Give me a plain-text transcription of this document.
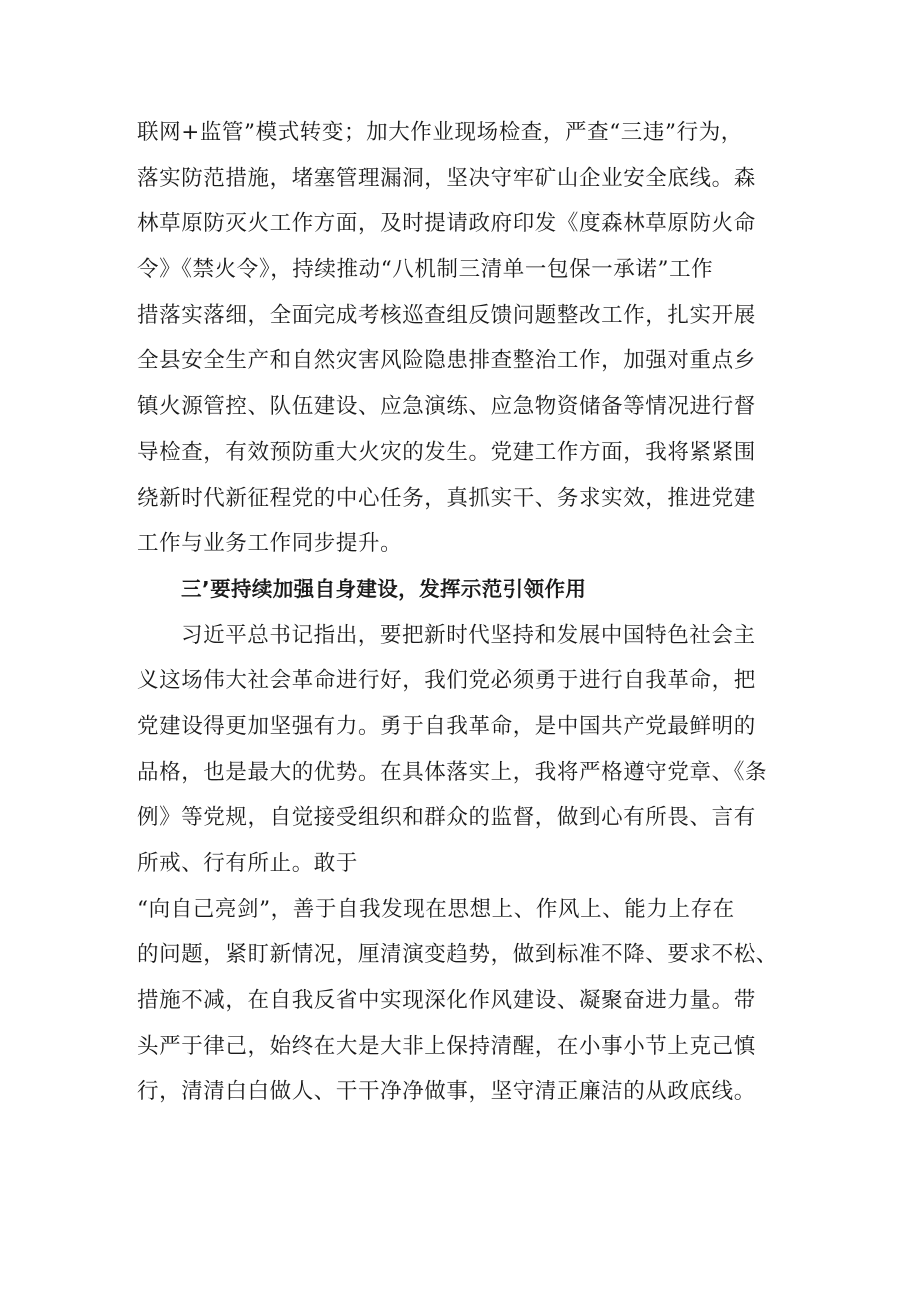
联网+监管”模式转变；加大作业现场检查，严查“三违”行为，
落实防范措施，堵塞管理漏洞，坚决守牢矿山企业安全底线。森
林草原防灭火工作方面，及时提请政府印发《度森林草原防火命
令》《禁火令》，持续推动“八机制三清单一包保一承诺”工作
措落实落细，全面完成考核巡查组反馈问题整改工作，扎实开展
全县安全生产和自然灾害风险隐患排查整治工作，加强对重点乡
镇火源管控、队伍建设、应急演练、应急物资储备等情况进行督
导检查，有效预防重大火灾的发生。党建工作方面，我将紧紧围
绕新时代新征程党的中心任务，真抓实干、务求实效，推进党建
工作与业务工作同步提升。
三’要持续加强自身建设，发挥示范引领作用
习近平总书记指出，要把新时代坚持和发展中国特色社会主
义这场伟大社会革命进行好，我们党必须勇于进行自我革命，把
党建设得更加坚强有力。勇于自我革命，是中国共产党最鲜明的
品格，也是最大的优势。在具体落实上，我将严格遵守党章、《条
例》等党规，自觉接受组织和群众的监督，做到心有所畏、言有
所戒、行有所止。敢于
“向自己亮剑”，善于自我发现在思想上、作风上、能力上存在
的问题，紧盯新情况，厘清演变趋势，做到标准不降、要求不松、
措施不减，在自我反省中实现深化作风建设、凝聚奋进力量。带
头严于律己，始终在大是大非上保持清醒，在小事小节上克己慎
行，清清白白做人、干干净净做事，坚守清正廉洁的从政底线。
